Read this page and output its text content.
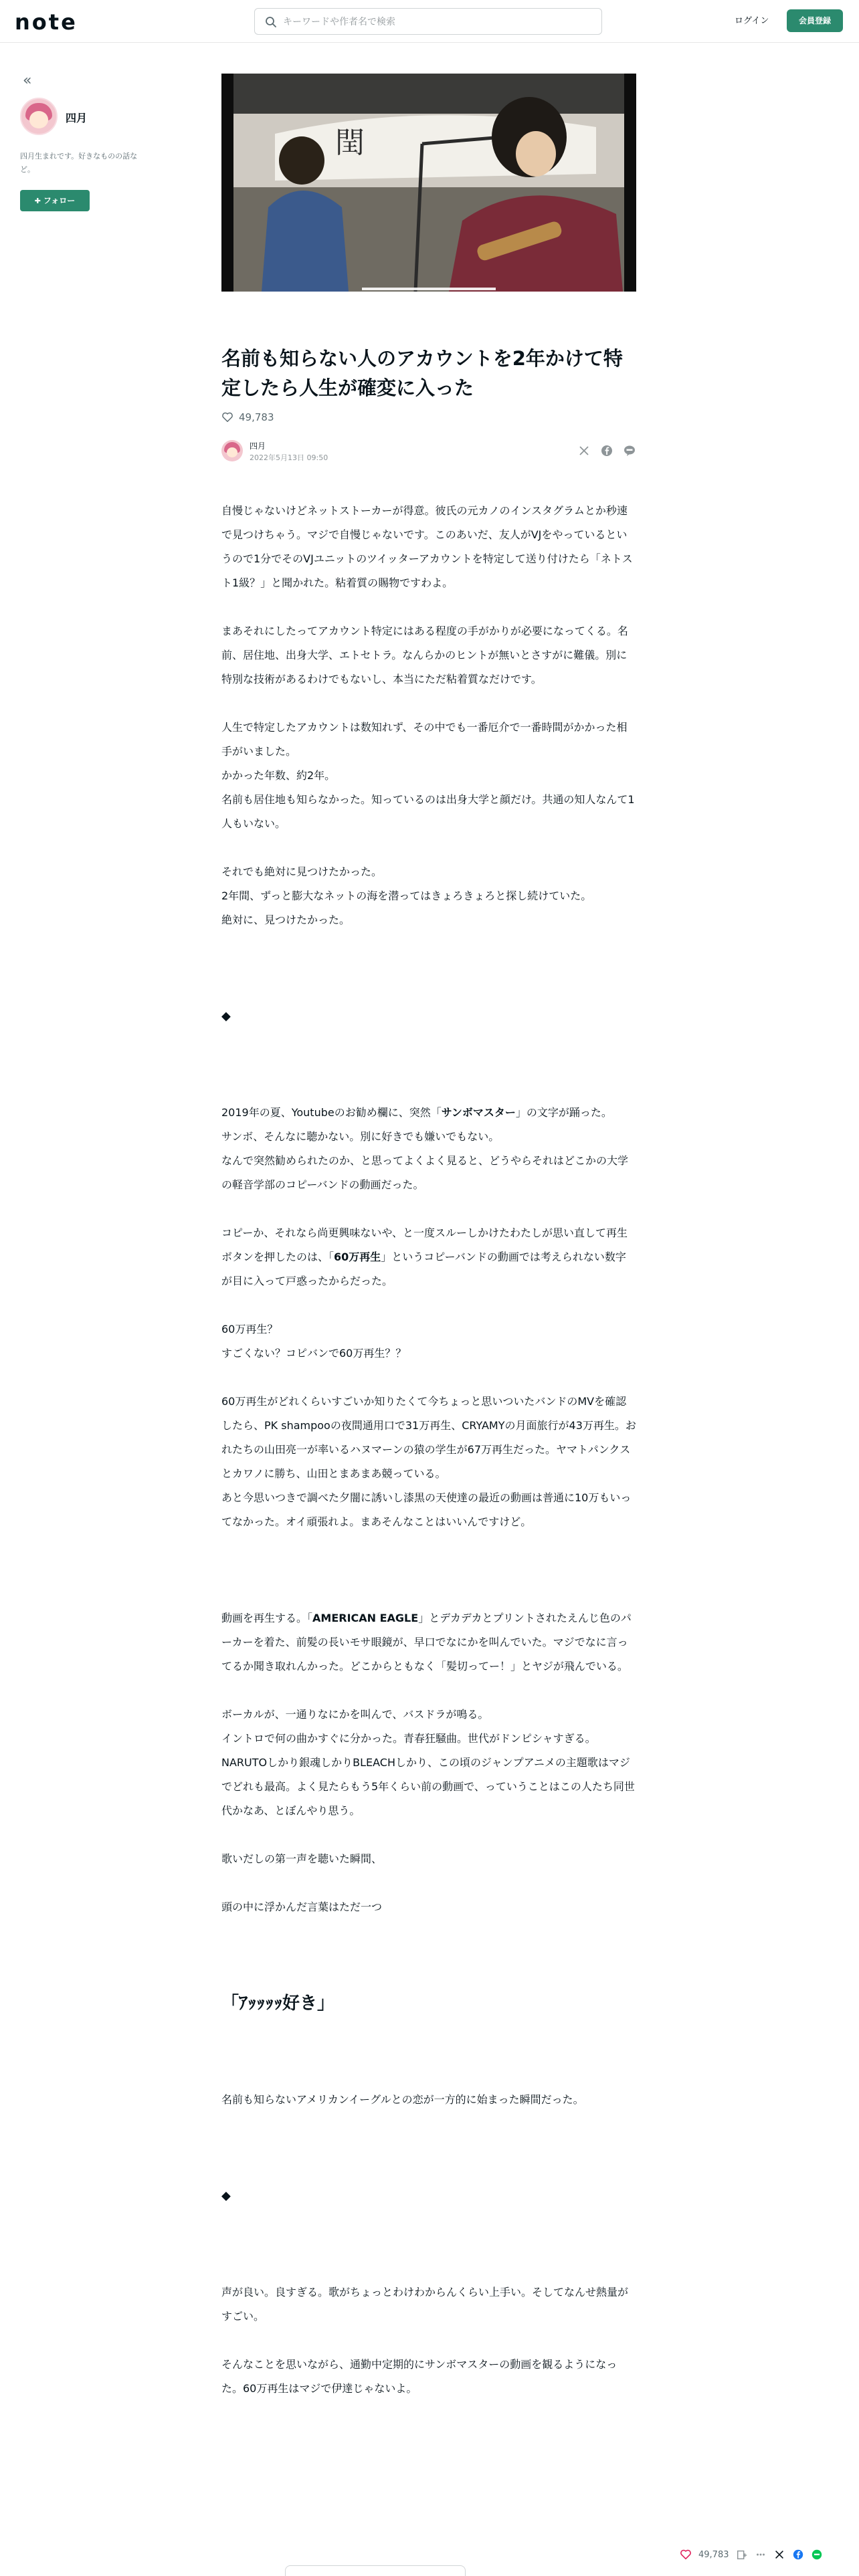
note
キーワードや作者名で検索	ログイン	会員登録
«
四月
四月生まれです。好きなものの話など。
✚ フォロー
閏
名前も知らない人のアカウントを2年かけて特定したら人生が確変に入った
49,783
四月
2022年5月13日 09:50

自慢じゃないけどネットストーカーが得意。彼氏の元カノのインスタグラムとか秒速で見つけちゃう。マジで自慢じゃないです。このあいだ、友人がVJをやっているというので1分でそのVJユニットのツイッターアカウントを特定して送り付けたら「ネトスト1級？」と聞かれた。粘着質の賜物ですわよ。

まあそれにしたってアカウント特定にはある程度の手がかりが必要になってくる。名前、居住地、出身大学、エトセトラ。なんらかのヒントが無いとさすがに難儀。別に特別な技術があるわけでもないし、本当にただ粘着質なだけです。

人生で特定したアカウントは数知れず、その中でも一番厄介で一番時間がかかった相手がいました。
かかった年数、約2年。
名前も居住地も知らなかった。知っているのは出身大学と顔だけ。共通の知人なんて1人もいない。

それでも絶対に見つけたかった。
2年間、ずっと膨大なネットの海を潜ってはきょろきょろと探し続けていた。
絶対に、見つけたかった。

◆

2019年の夏、Youtubeのお勧め欄に、突然「サンボマスター」の文字が踊った。
サンボ、そんなに聴かない。別に好きでも嫌いでもない。
なんで突然勧められたのか、と思ってよくよく見ると、どうやらそれはどこかの大学の軽音学部のコピーバンドの動画だった。

コピーか、それなら尚更興味ないや、と一度スルーしかけたわたしが思い直して再生ボタンを押したのは、「60万再生」というコピーバンドの動画では考えられない数字が目に入って戸惑ったからだった。

60万再生？
すごくない？コピバンで60万再生？？

60万再生がどれくらいすごいか知りたくて今ちょっと思いついたバンドのMVを確認したら、PK shampooの夜間通用口で31万再生、CRYAMYの月面旅行が43万再生。おれたちの山田亮一が率いるハヌマーンの猿の学生が67万再生だった。ヤマトパンクスとカワノに勝ち、山田とまあまあ競っている。
あと今思いつきで調べた夕闇に誘いし漆黒の天使達の最近の動画は普通に10万もいってなかった。オイ頑張れよ。まあそんなことはいいんですけど。

動画を再生する。「AMERICAN EAGLE」とデカデカとプリントされたえんじ色のパーカーを着た、前髪の長いモサ眼鏡が、早口でなにかを叫んでいた。マジでなに言ってるか聞き取れんかった。どこからともなく「髪切ってー！」とヤジが飛んでいる。

ボーカルが、一通りなにかを叫んで、バスドラが鳴る。
イントロで何の曲かすぐに分かった。青春狂騒曲。世代がドンピシャすぎる。NARUTOしかり銀魂しかりBLEACHしかり、この頃のジャンプアニメの主題歌はマジでどれも最高。よく見たらもう5年くらい前の動画で、っていうことはこの人たち同世代かなあ、とぼんやり思う。

歌いだしの第一声を聴いた瞬間、

頭の中に浮かんだ言葉はただ一つ

「ｱｯｯｯｯ好き」

名前も知らないアメリカンイーグルとの恋が一方的に始まった瞬間だった。

◆

声が良い。良すぎる。歌がちょっとわけわからんくらい上手い。そしてなんせ熱量がすごい。

そんなことを思いながら、通勤中定期的にサンボマスターの動画を観るようになった。60万再生はマジで伊達じゃないよ。

49,783
